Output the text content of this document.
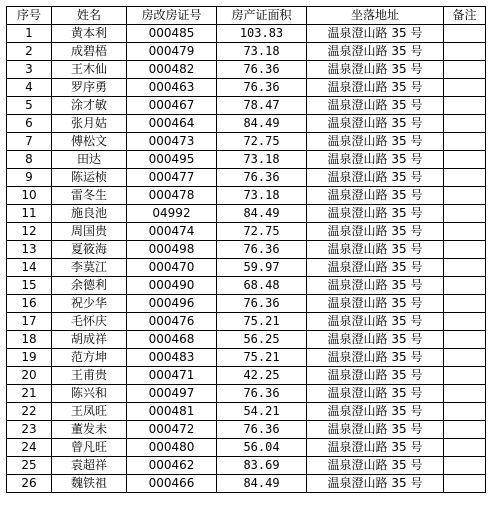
序号	姓名	房改房证号	房产证面积	坐落地址	备注
1	黄本利	000485	103.83	温泉澄山路 35 号	
2	成碧梧	000479	73.18	温泉澄山路 35 号	
3	王木仙	000482	76.36	温泉澄山路 35 号	
4	罗序勇	000463	76.36	温泉澄山路 35 号	
5	涂才敏	000467	78.47	温泉澄山路 35 号	
6	张月姑	000464	84.49	温泉澄山路 35 号	
7	傅松文	000473	72.75	温泉澄山路 35 号	
8	田达	000495	73.18	温泉澄山路 35 号	
9	陈运桢	000477	76.36	温泉澄山路 35 号	
10	雷冬生	000478	73.18	温泉澄山路 35 号	
11	施良池	04992	84.49	温泉澄山路 35 号	
12	周国贵	000474	72.75	温泉澄山路 35 号	
13	夏筱海	000498	76.36	温泉澄山路 35 号	
14	李莫江	000470	59.97	温泉澄山路 35 号	
15	余德利	000490	68.48	温泉澄山路 35 号	
16	祝少华	000496	76.36	温泉澄山路 35 号	
17	毛怀庆	000476	75.21	温泉澄山路 35 号	
18	胡成祥	000468	56.25	温泉澄山路 35 号	
19	范方坤	000483	75.21	温泉澄山路 35 号	
20	王甫贵	000471	42.25	温泉澄山路 35 号	
21	陈兴和	000497	76.36	温泉澄山路 35 号	
22	王凤旺	000481	54.21	温泉澄山路 35 号	
23	董发未	000472	76.36	温泉澄山路 35 号	
24	曾凡旺	000480	56.04	温泉澄山路 35 号	
25	袁超祥	000462	83.69	温泉澄山路 35 号	
26	魏铁祖	000466	84.49	温泉澄山路 35 号	
